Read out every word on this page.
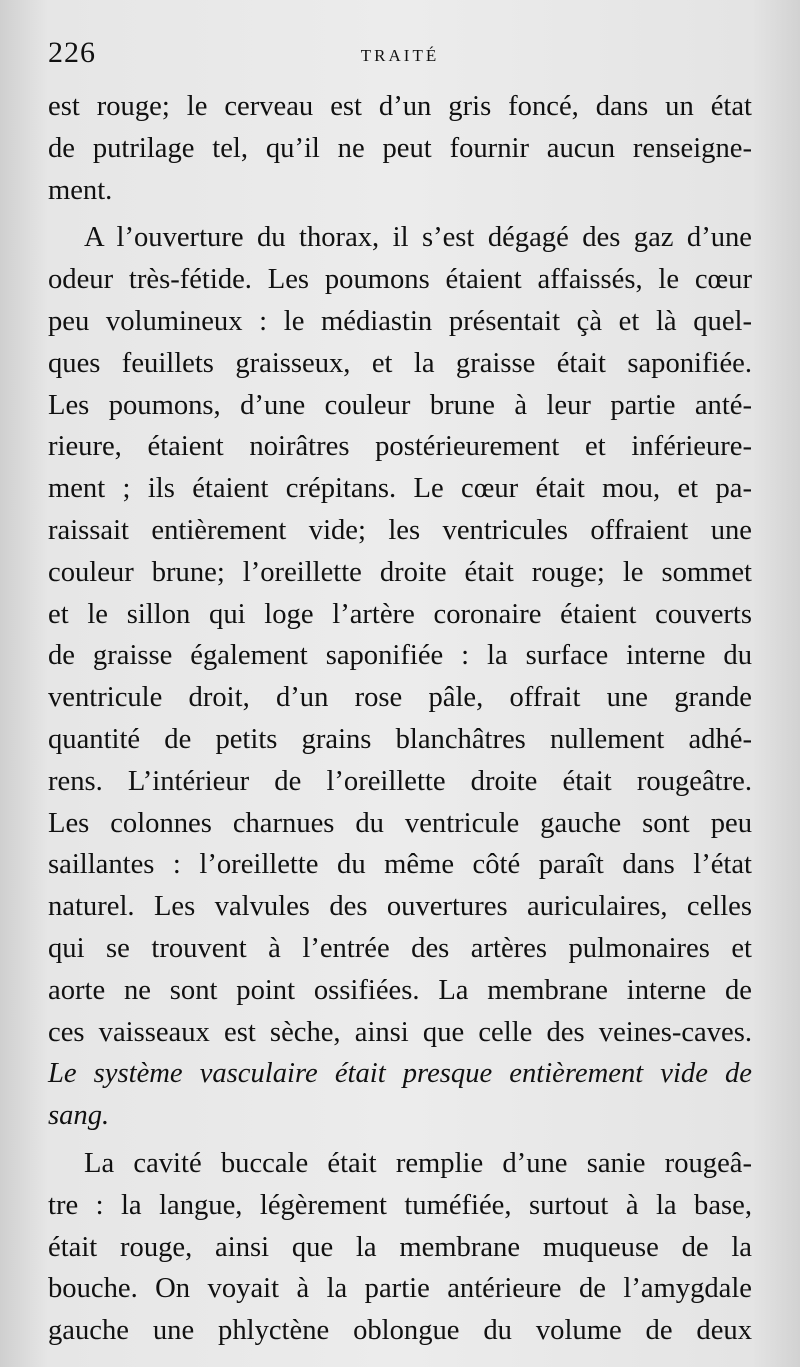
226	TRAITÉ
est rouge; le cerveau est d’un gris foncé, dans un état
de putrilage tel, qu’il ne peut fournir aucun renseigne-
ment.
A l’ouverture du thorax, il s’est dégagé des gaz d’une
odeur très-fétide. Les poumons étaient affaissés, le cœur
peu volumineux : le médiastin présentait çà et là quel-
ques feuillets graisseux, et la graisse était saponifiée.
Les poumons, d’une couleur brune à leur partie anté-
rieure, étaient noirâtres postérieurement et inférieure-
ment ; ils étaient crépitans. Le cœur était mou, et pa-
raissait entièrement vide; les ventricules offraient une
couleur brune; l’oreillette droite était rouge; le sommet
et le sillon qui loge l’artère coronaire étaient couverts
de graisse également saponifiée : la surface interne du
ventricule droit, d’un rose pâle, offrait une grande
quantité de petits grains blanchâtres nullement adhé-
rens. L’intérieur de l’oreillette droite était rougeâtre.
Les colonnes charnues du ventricule gauche sont peu
saillantes : l’oreillette du même côté paraît dans l’état
naturel. Les valvules des ouvertures auriculaires, celles
qui se trouvent à l’entrée des artères pulmonaires et
aorte ne sont point ossifiées. La membrane interne de
ces vaisseaux est sèche, ainsi que celle des veines-caves.
Le système vasculaire était presque entièrement vide de
sang.
La cavité buccale était remplie d’une sanie rougeâ-
tre : la langue, légèrement tuméfiée, surtout à la base,
était rouge, ainsi que la membrane muqueuse de la
bouche. On voyait à la partie antérieure de l’amygdale
gauche une phlyctène oblongue du volume de deux
